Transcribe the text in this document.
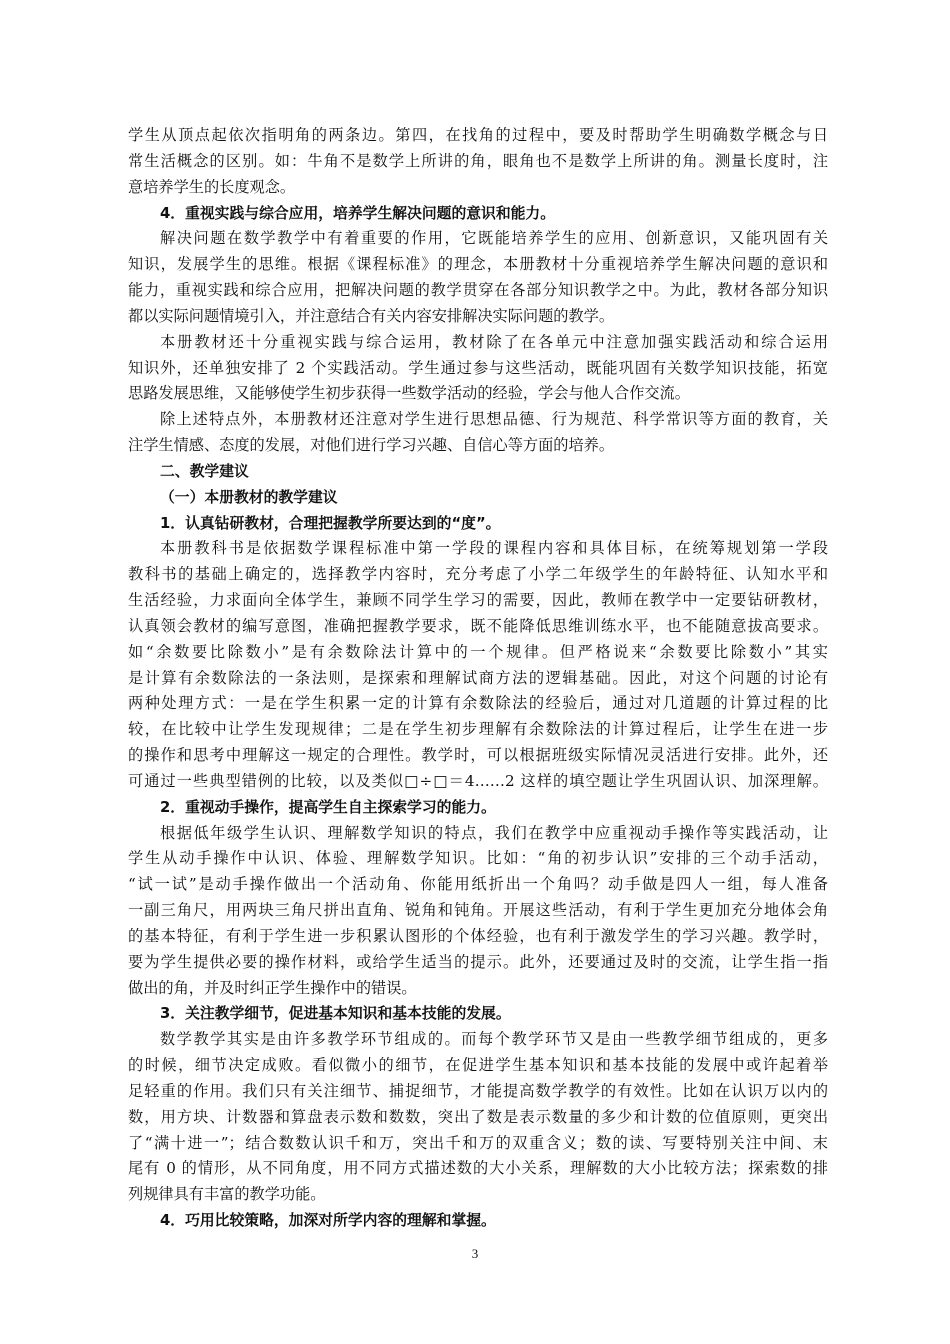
学生从顶点起依次指明角的两条边。第四，在找角的过程中，要及时帮助学生明确数学概念与日
常生活概念的区别。如：牛角不是数学上所讲的角，眼角也不是数学上所讲的角。测量长度时，注
意培养学生的长度观念。
4．重视实践与综合应用，培养学生解决问题的意识和能力。
解决问题在数学教学中有着重要的作用，它既能培养学生的应用、创新意识，又能巩固有关
知识，发展学生的思维。根据《课程标准》的理念，本册教材十分重视培养学生解决问题的意识和
能力，重视实践和综合应用，把解决问题的教学贯穿在各部分知识教学之中。为此，教材各部分知识
都以实际问题情境引入，并注意结合有关内容安排解决实际问题的教学。
本册教材还十分重视实践与综合运用，教材除了在各单元中注意加强实践活动和综合运用
知识外，还单独安排了 2 个实践活动。学生通过参与这些活动，既能巩固有关数学知识技能，拓宽
思路发展思维，又能够使学生初步获得一些数学活动的经验，学会与他人合作交流。
除上述特点外，本册教材还注意对学生进行思想品德、行为规范、科学常识等方面的教育，关
注学生情感、态度的发展，对他们进行学习兴趣、自信心等方面的培养。
二、教学建议
（一）本册教材的教学建议
1．认真钻研教材，合理把握教学所要达到的“度”。
本册教科书是依据数学课程标准中第一学段的课程内容和具体目标，在统筹规划第一学段
教科书的基础上确定的，选择教学内容时，充分考虑了小学二年级学生的年龄特征、认知水平和
生活经验，力求面向全体学生，兼顾不同学生学习的需要，因此，教师在教学中一定要钻研教材，
认真领会教材的编写意图，准确把握教学要求，既不能降低思维训练水平，也不能随意拔高要求。
如“余数要比除数小”是有余数除法计算中的一个规律。但严格说来“余数要比除数小”其实
是计算有余数除法的一条法则，是探索和理解试商方法的逻辑基础。因此，对这个问题的讨论有
两种处理方式：一是在学生积累一定的计算有余数除法的经验后，通过对几道题的计算过程的比
较，在比较中让学生发现规律；二是在学生初步理解有余数除法的计算过程后，让学生在进一步
的操作和思考中理解这一规定的合理性。教学时，可以根据班级实际情况灵活进行安排。此外，还
可通过一些典型错例的比较，以及类似□÷□＝4……2 这样的填空题让学生巩固认识、加深理解。
2．重视动手操作，提高学生自主探索学习的能力。
根据低年级学生认识、理解数学知识的特点，我们在教学中应重视动手操作等实践活动，让
学生从动手操作中认识、体验、理解数学知识。比如：“角的初步认识”安排的三个动手活动，
“试一试”是动手操作做出一个活动角、你能用纸折出一个角吗？动手做是四人一组，每人准备
一副三角尺，用两块三角尺拼出直角、锐角和钝角。开展这些活动，有利于学生更加充分地体会角
的基本特征，有利于学生进一步积累认图形的个体经验，也有利于激发学生的学习兴趣。教学时，
要为学生提供必要的操作材料，或给学生适当的提示。此外，还要通过及时的交流，让学生指一指
做出的角，并及时纠正学生操作中的错误。
3．关注教学细节，促进基本知识和基本技能的发展。
数学教学其实是由许多教学环节组成的。而每个教学环节又是由一些教学细节组成的，更多
的时候，细节决定成败。看似微小的细节，在促进学生基本知识和基本技能的发展中或许起着举
足轻重的作用。我们只有关注细节、捕捉细节，才能提高数学教学的有效性。比如在认识万以内的
数，用方块、计数器和算盘表示数和数数，突出了数是表示数量的多少和计数的位值原则，更突出
了“满十进一”；结合数数认识千和万，突出千和万的双重含义；数的读、写要特别关注中间、末
尾有 0 的情形，从不同角度，用不同方式描述数的大小关系，理解数的大小比较方法；探索数的排
列规律具有丰富的教学功能。
4．巧用比较策略，加深对所学内容的理解和掌握。
3
